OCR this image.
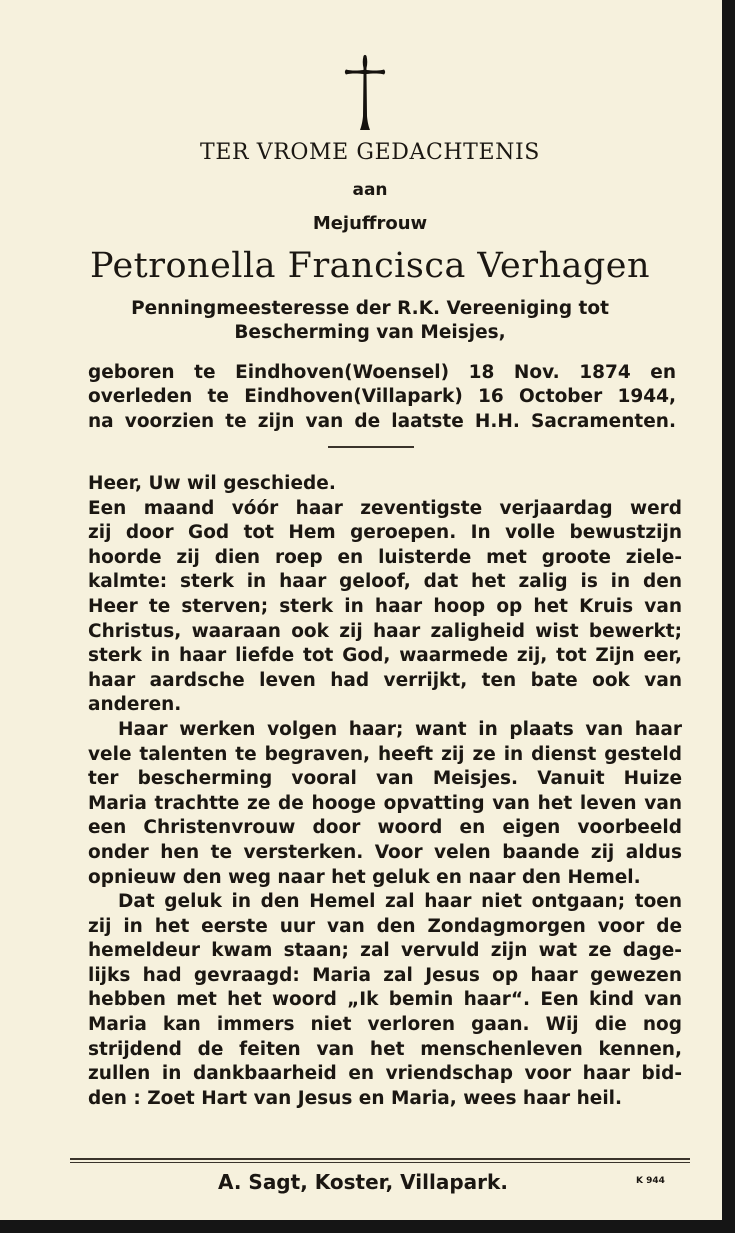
TER VROME GEDACHTENIS
aan
Mejuffrouw
Petronella Francisca Verhagen
Penningmeesteresse der R.K. Vereeniging tot
Bescherming van Meisjes,
geboren te Eindhoven(Woensel) 18 Nov. 1874 en
overleden te Eindhoven(Villapark) 16 October 1944,
na voorzien te zijn van de laatste H.H. Sacramenten.
Heer, Uw wil geschiede.
Een maand vóór haar zeventigste verjaardag werd
zij door God tot Hem geroepen. In volle bewustzijn
hoorde zij dien roep en luisterde met groote ziele-
kalmte: sterk in haar geloof, dat het zalig is in den
Heer te sterven; sterk in haar hoop op het Kruis van
Christus, waaraan ook zij haar zaligheid wist bewerkt;
sterk in haar liefde tot God, waarmede zij, tot Zijn eer,
haar aardsche leven had verrijkt, ten bate ook van
anderen.
Haar werken volgen haar; want in plaats van haar
vele talenten te begraven, heeft zij ze in dienst gesteld
ter bescherming vooral van Meisjes. Vanuit Huize
Maria trachtte ze de hooge opvatting van het leven van
een Christenvrouw door woord en eigen voorbeeld
onder hen te versterken. Voor velen baande zij aldus
opnieuw den weg naar het geluk en naar den Hemel.
Dat geluk in den Hemel zal haar niet ontgaan; toen
zij in het eerste uur van den Zondagmorgen voor de
hemeldeur kwam staan; zal vervuld zijn wat ze dage-
lijks had gevraagd: Maria zal Jesus op haar gewezen
hebben met het woord „Ik bemin haar“. Een kind van
Maria kan immers niet verloren gaan. Wij die nog
strijdend de feiten van het menschenleven kennen,
zullen in dankbaarheid en vriendschap voor haar bid-
den : Zoet Hart van Jesus en Maria, wees haar heil.
A. Sagt, Koster, Villapark.	K 944
